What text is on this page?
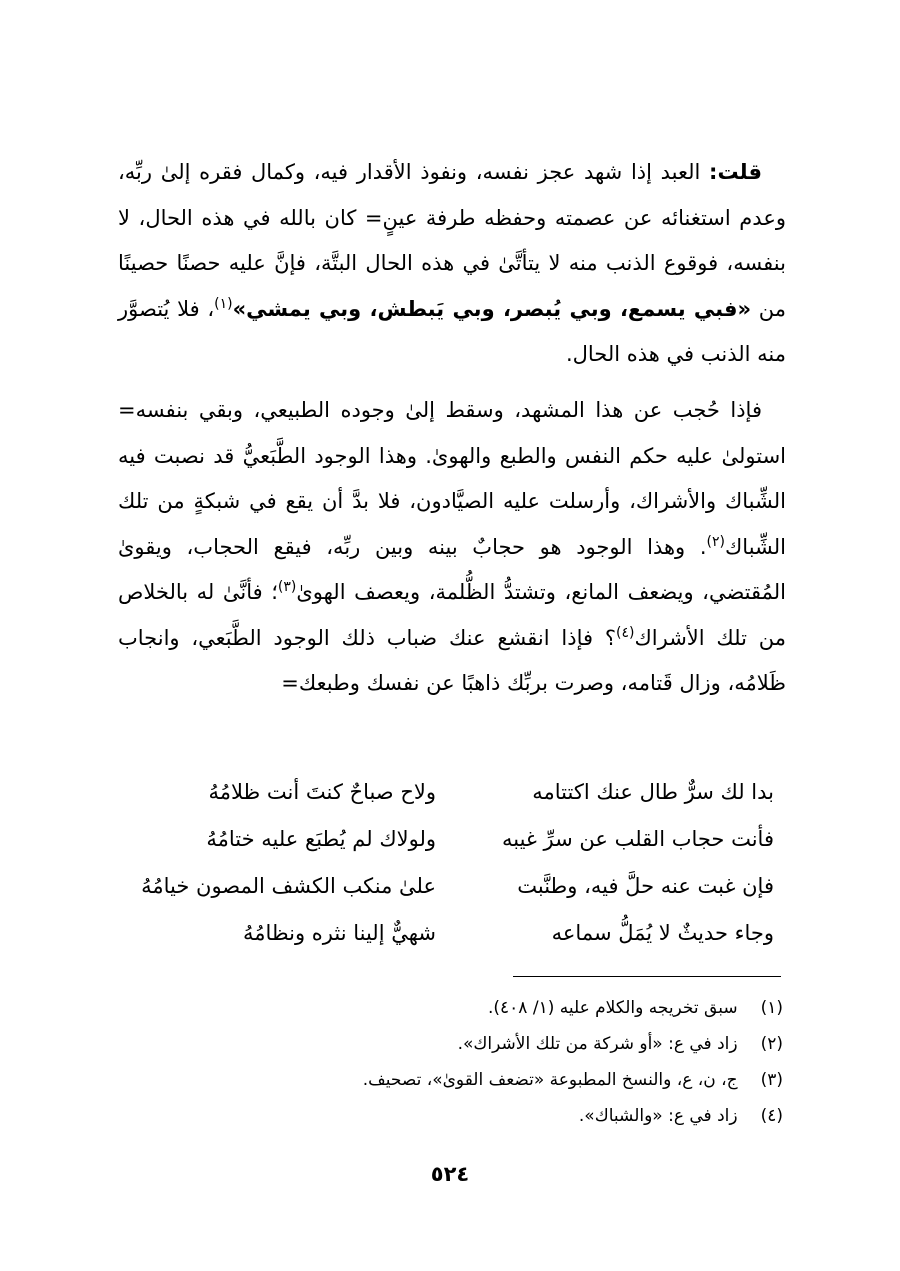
قلت: العبد إذا شهد عجز نفسه، ونفوذ الأقدار فيه، وكمال فقره إلىٰ ربِّه، وعدم استغنائه عن عصمته وحفظه طرفة عينٍ= كان بالله في هذه الحال، لا بنفسه، فوقوع الذنب منه لا يتأتَّىٰ في هذه الحال البتَّة، فإنَّ عليه حصنًا حصينًا من «فبي يسمع، وبي يُبصر، وبي يَبطش، وبي يمشي»$^{(١)}$، فلا يُتصوَّر منه الذنب في هذه الحال.

فإذا حُجب عن هذا المشهد، وسقط إلىٰ وجوده الطبيعي، وبقي بنفسه= استولىٰ عليه حكم النفس والطبع والهوىٰ. وهذا الوجود الطَّبَعيُّ قد نصبت فيه الشِّباك والأشراك، وأرسلت عليه الصيَّادون، فلا بدَّ أن يقع في شبكةٍ من تلك الشِّباك$^{(٢)}$. وهذا الوجود هو حجابٌ بينه وبين ربِّه، فيقع الحجاب، ويقوىٰ المُقتضي، ويضعف المانع، وتشتدُّ الظُّلمة، ويعصف الهوىٰ$^{(٣)}$؛ فأنَّىٰ له بالخلاص من تلك الأشراك$^{(٤)}$؟ فإذا انقشع عنك ضباب ذلك الوجود الطَّبَعي، وانجاب ظَلامُه، وزال قَتامه، وصرت بربِّك ذاهبًا عن نفسك وطبعك=

بدا لك سرٌّ طال عنك اكتتامه
ولاح صباحٌ كنتَ أنت ظلامُهُ
فأنت حجاب القلب عن سرِّ غيبه
ولولاك لم يُطبَع عليه ختامُهُ
فإن غبت عنه حلَّ فيه، وطنَّبت
علىٰ منكب الكشف المصون خيامُهُ
وجاء حديثٌ لا يُمَلُّ سماعه
شهيٌّ إلينا نثره ونظامُهُ
(١) سبق تخريجه والكلام عليه (١/ ٤٠٨).
(٢) زاد في ع: «أو شركة من تلك الأشراك».
(٣) ج، ن، ع، والنسخ المطبوعة «تضعف القوىٰ»، تصحيف.
(٤) زاد في ع: «والشباك».
٥٢٤
